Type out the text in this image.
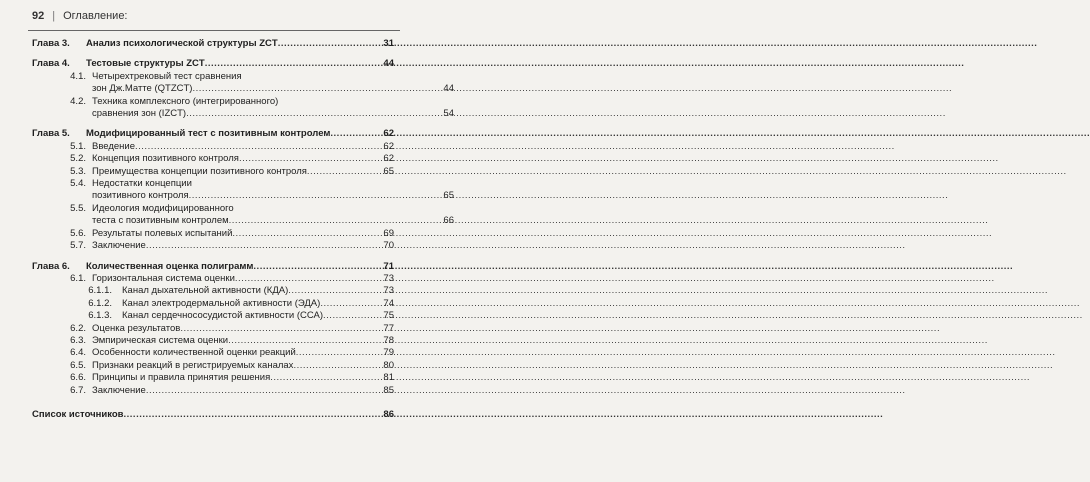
92 | Оглавление:
Глава 3.	Анализ психологической структуры ZCT .....	31
Глава 4.	Тестовые структуры ZCT .....	44
4.1. Четырехтрековый тест сравнения
зон Дж.Матте (QTZCT) .....	44
4.2. Техника комплексного (интегрированного)
сравнения зон (IZCT) .....	54
Глава 5.	Модифицированный тест с позитивным контролем .....	62
5.1. Введение .....	62
5.2. Концепция позитивного контроля .....	62
5.3. Преимущества концепции позитивного контроля .....	65
5.4. Недостатки концепции
позитивного контроля .....	65
5.5. Идеология модифицированного
теста с позитивным контролем .....	66
5.6. Результаты полевых испытаний .....	69
5.7. Заключение .....	70
Глава 6.	Количественная оценка полиграмм .....	71
6.1. Горизонтальная система оценки .....	73
6.1.1.	Канал дыхательной активности (КДА) .....	73
6.1.2.	Канал электродермальной активности (ЭДА) .....	74
6.1.3.	Канал сердечнососудистой активности (ССА) .....	75
6.2. Оценка результатов .....	77
6.3. Эмпирическая система оценки .....	78
6.4. Особенности количественной оценки реакций .....	79
6.5. Признаки реакций в регистрируемых каналах .....	80
6.6. Принципы и правила принятия решения .....	81
6.7. Заключение .....	85
Список источников .....	86
